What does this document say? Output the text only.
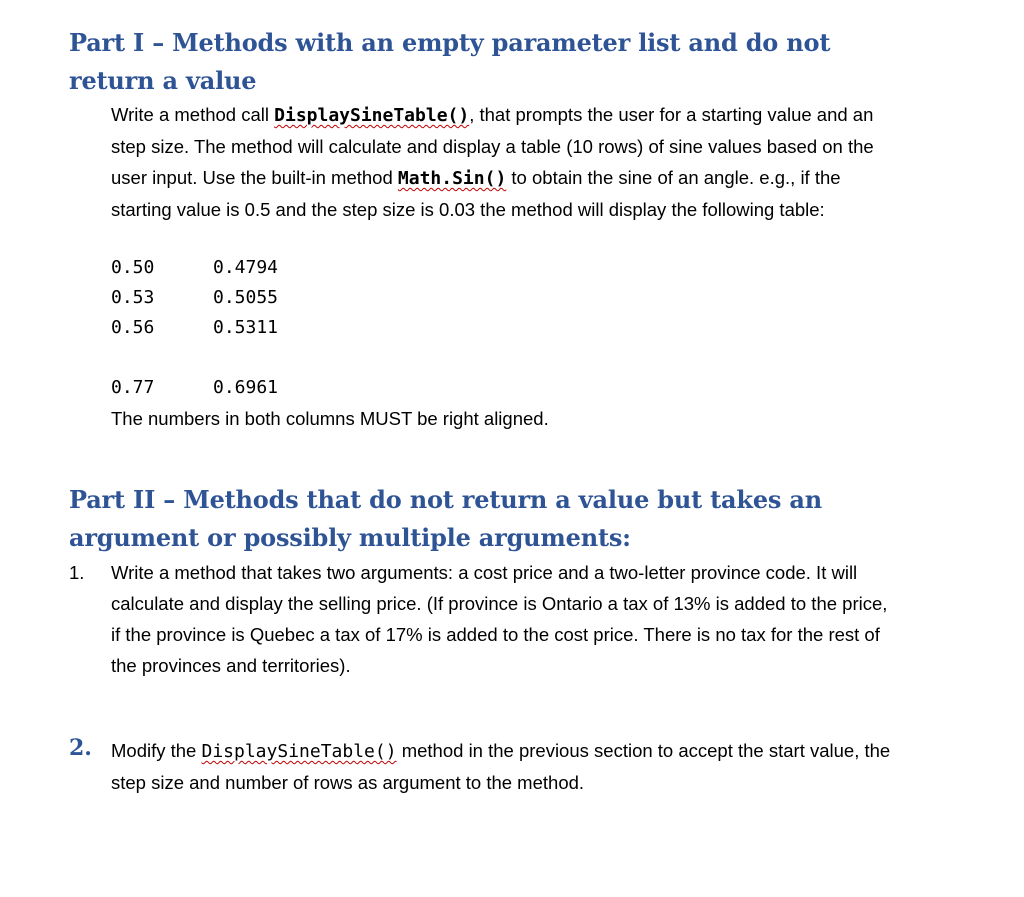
Part I – Methods with an empty parameter list and do not
return a value

Write a method call DisplaySineTable(), that prompts the user for a starting value and an step size. The method will calculate and display a table (10 rows) of sine values based on the user input. Use the built-in method Math.Sin() to obtain the sine of an angle. e.g., if the starting value is 0.5 and the step size is 0.03 the method will display the following table:

0.50	0.4794
0.53	0.5055
0.56	0.5311
0.77	0.6961

The numbers in both columns MUST be right aligned.

Part II – Methods that do not return a value but takes an
argument or possibly multiple arguments:
1. Write a method that takes two arguments: a cost price and a two-letter province code. It will calculate and display the selling price. (If province is Ontario a tax of 13% is added to the price, if the province is Quebec a tax of 17% is added to the cost price. There is no tax for the rest of the provinces and territories).

2. Modify the DisplaySineTable() method in the previous section to accept the start value, the step size and number of rows as argument to the method.
